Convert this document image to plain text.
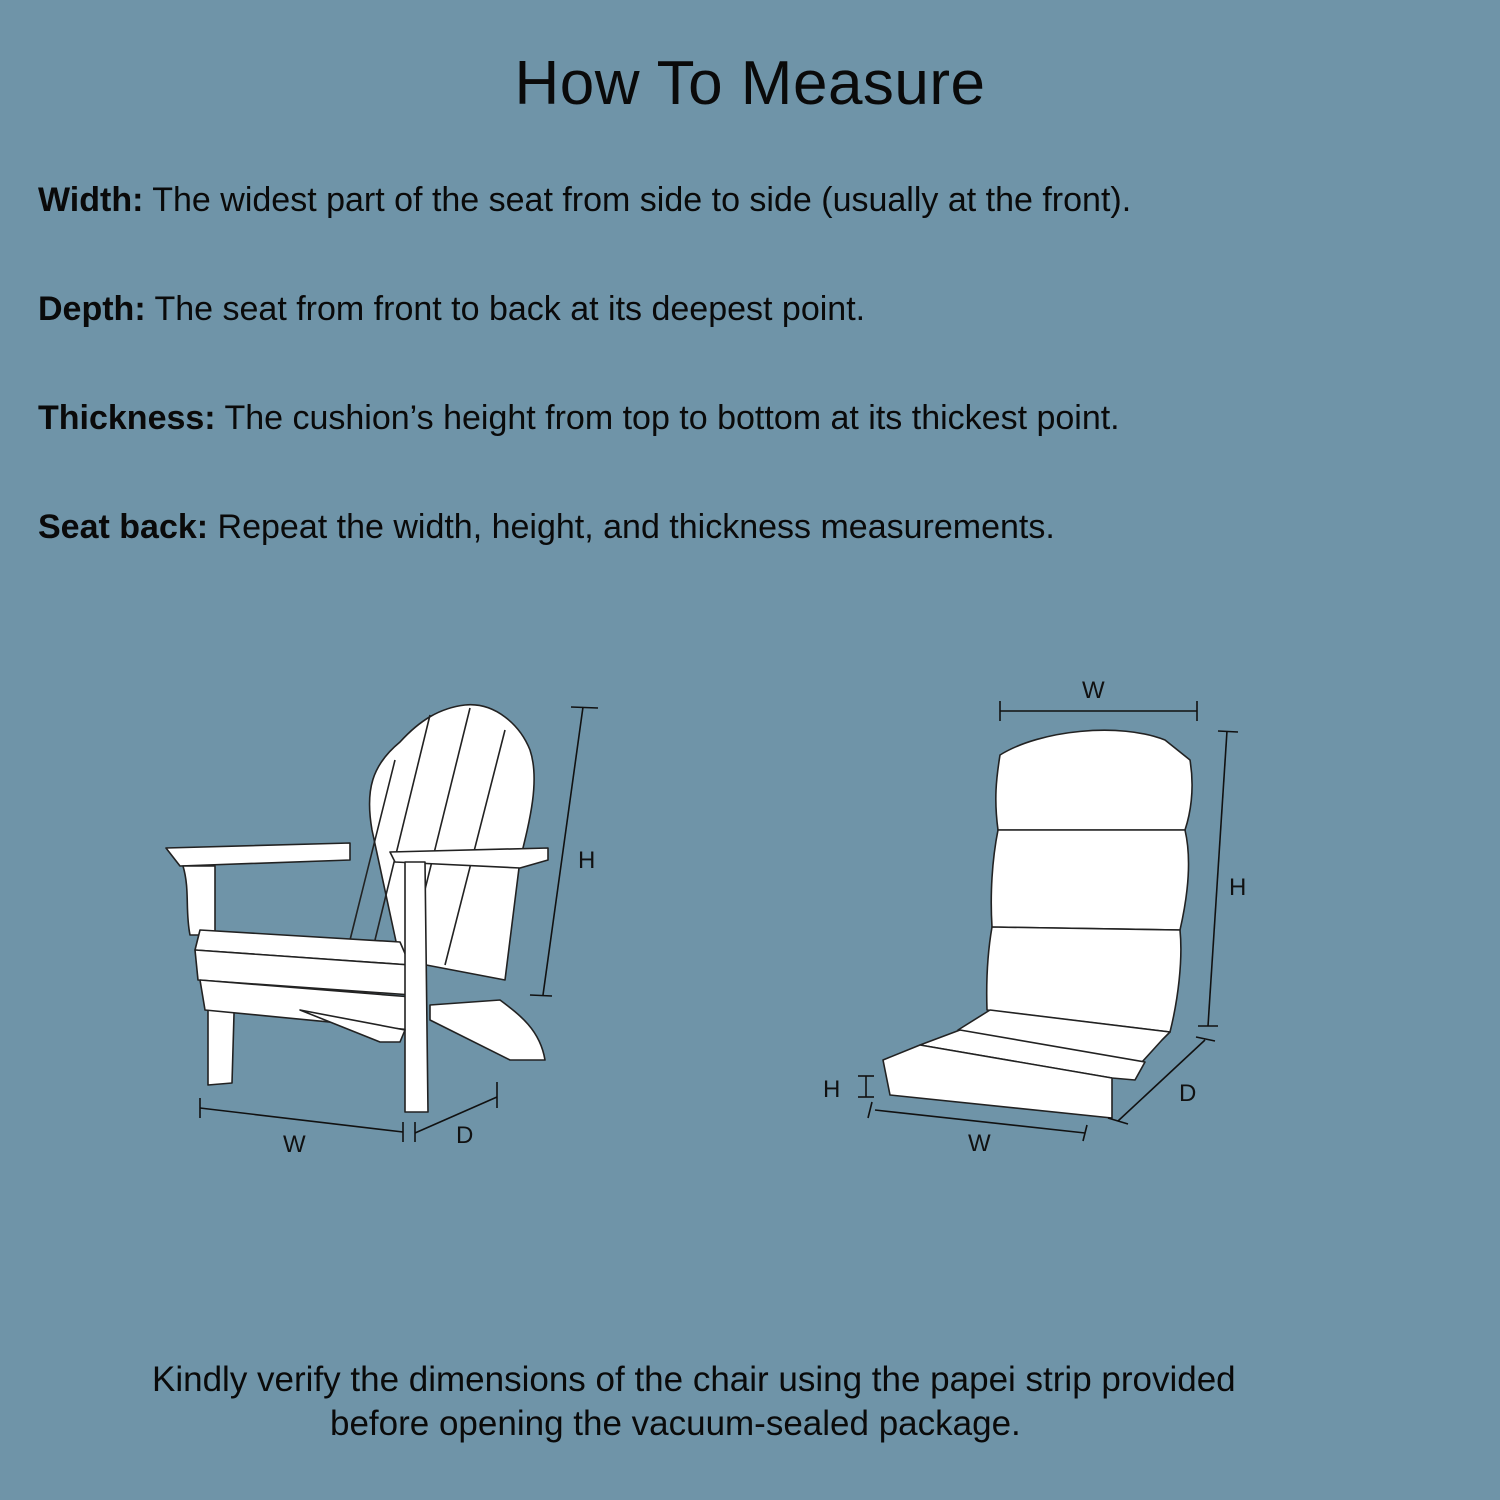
How To Measure
Width: The widest part of the seat from side to side (usually at the front).
Depth: The seat from front to back at its deepest point.
Thickness: The cushion’s height from top to bottom at its thickest point.
Seat back: Repeat the width, height, and thickness measurements.
H
W	D
W
H
H
W
D
Kindly verify the dimensions of the chair using the papei strip provided
before opening the vacuum-sealed package.
